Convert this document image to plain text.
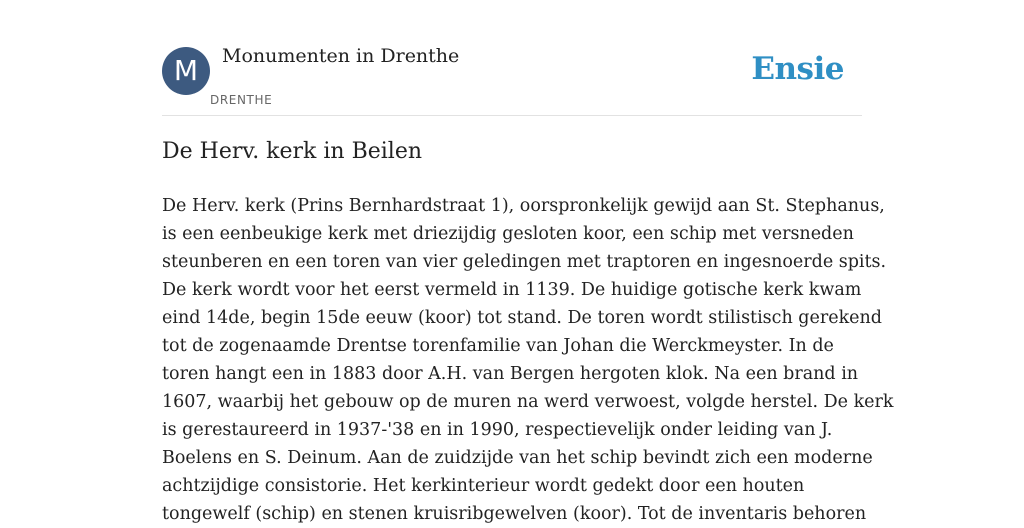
M	Monumenten in Drenthe
DRENTHE
Ensie
De Herv. kerk in Beilen
De Herv. kerk (Prins Bernhardstraat 1), oorspronkelijk gewijd aan St. Stephanus,
is een eenbeukige kerk met driezijdig gesloten koor, een schip met versneden
steunberen en een toren van vier geledingen met traptoren en ingesnoerde spits.
De kerk wordt voor het eerst vermeld in 1139. De huidige gotische kerk kwam
eind 14de, begin 15de eeuw (koor) tot stand. De toren wordt stilistisch gerekend
tot de zogenaamde Drentse torenfamilie van Johan die Werckmeyster. In de
toren hangt een in 1883 door A.H. van Bergen hergoten klok. Na een brand in
1607, waarbij het gebouw op de muren na werd verwoest, volgde herstel. De kerk
is gerestaureerd in 1937-'38 en in 1990, respectievelijk onder leiding van J.
Boelens en S. Deinum. Aan de zuidzijde van het schip bevindt zich een moderne
achtzijdige consistorie. Het kerkinterieur wordt gedekt door een houten
tongewelf (schip) en stenen kruisribgewelven (koor). Tot de inventaris behoren
